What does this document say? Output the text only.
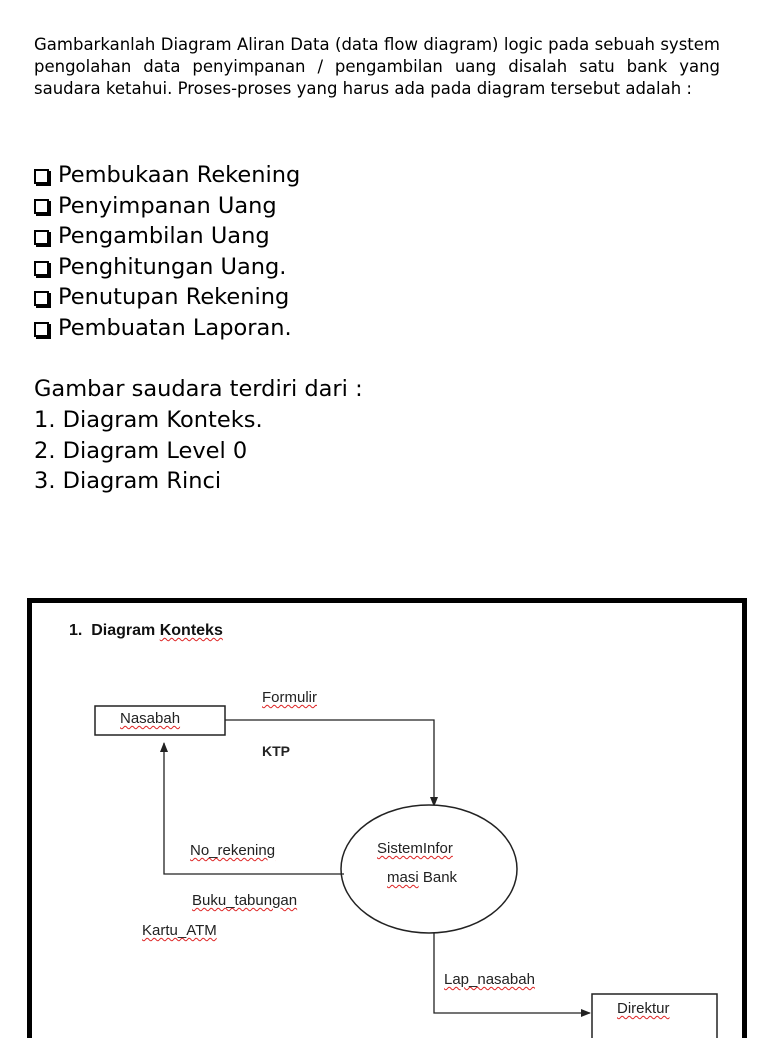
Gambarkanlah Diagram Aliran Data (data flow diagram) logic pada sebuah system pengolahan data penyimpanan / pengambilan uang disalah satu bank yang saudara ketahui. Proses-proses yang harus ada pada diagram tersebut adalah :

Pembukaan Rekening
Penyimpanan Uang
Pengambilan Uang
Penghitungan Uang.
Penutupan Rekening
Pembuatan Laporan.
Gambar saudara terdiri dari :
1. Diagram Konteks.
2. Diagram Level 0
3. Diagram Rinci
1. Diagram Konteks
Nasabah
Formulir
KTP
SistemInfor
masi Bank
No_rekening
Buku_tabungan
Kartu_ATM
Lap_nasabah
Direktur
